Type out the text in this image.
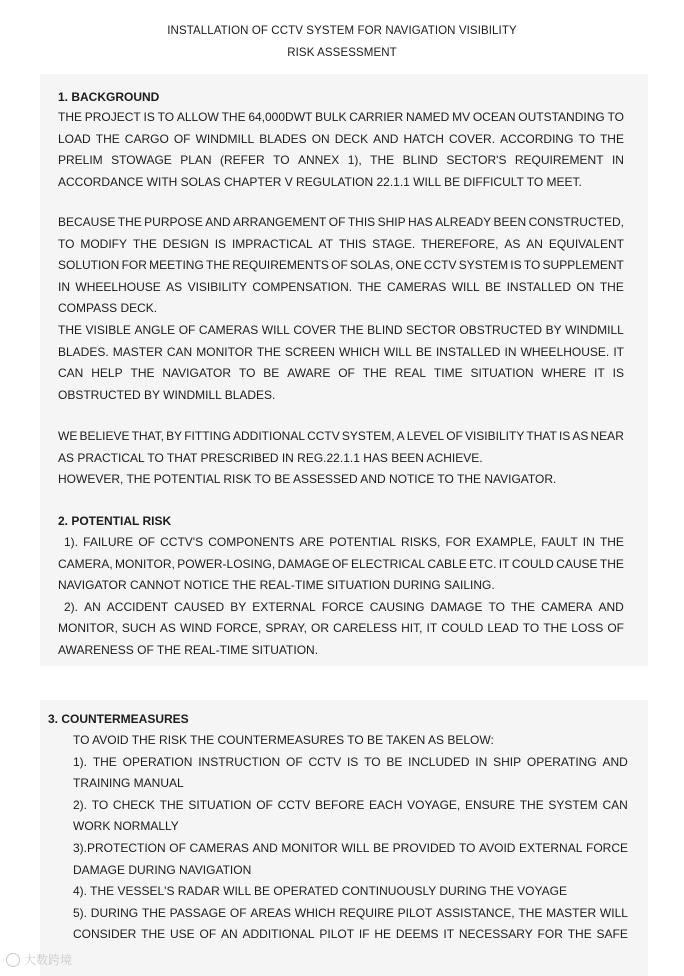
INSTALLATION OF CCTV SYSTEM FOR NAVIGATION VISIBILITY
RISK ASSESSMENT
1. BACKGROUND
THE PROJECT IS TO ALLOW THE 64,000DWT BULK CARRIER NAMED MV OCEAN OUTSTANDING TO
LOAD THE CARGO OF WINDMILL BLADES ON DECK AND HATCH COVER. ACCORDING TO THE
PRELIM STOWAGE PLAN (REFER TO ANNEX 1), THE BLIND SECTOR'S REQUIREMENT IN
ACCORDANCE WITH SOLAS CHAPTER V REGULATION 22.1.1 WILL BE DIFFICULT TO MEET.
BECAUSE THE PURPOSE AND ARRANGEMENT OF THIS SHIP HAS ALREADY BEEN CONSTRUCTED,
TO MODIFY THE DESIGN IS IMPRACTICAL AT THIS STAGE. THEREFORE, AS AN EQUIVALENT
SOLUTION FOR MEETING THE REQUIREMENTS OF SOLAS, ONE CCTV SYSTEM IS TO SUPPLEMENT
IN WHEELHOUSE AS VISIBILITY COMPENSATION. THE CAMERAS WILL BE INSTALLED ON THE
COMPASS DECK.
THE VISIBLE ANGLE OF CAMERAS WILL COVER THE BLIND SECTOR OBSTRUCTED BY WINDMILL
BLADES. MASTER CAN MONITOR THE SCREEN WHICH WILL BE INSTALLED IN WHEELHOUSE. IT
CAN HELP THE NAVIGATOR TO BE AWARE OF THE REAL TIME SITUATION WHERE IT IS
OBSTRUCTED BY WINDMILL BLADES.
WE BELIEVE THAT, BY FITTING ADDITIONAL CCTV SYSTEM, A LEVEL OF VISIBILITY THAT IS AS NEAR
AS PRACTICAL TO THAT PRESCRIBED IN REG.22.1.1 HAS BEEN ACHIEVE.
HOWEVER, THE POTENTIAL RISK TO BE ASSESSED AND NOTICE TO THE NAVIGATOR.
2. POTENTIAL RISK
1). FAILURE OF CCTV'S COMPONENTS ARE POTENTIAL RISKS, FOR EXAMPLE, FAULT IN THE
CAMERA, MONITOR, POWER-LOSING, DAMAGE OF ELECTRICAL CABLE ETC. IT COULD CAUSE THE
NAVIGATOR CANNOT NOTICE THE REAL-TIME SITUATION DURING SAILING.
2). AN ACCIDENT CAUSED BY EXTERNAL FORCE CAUSING DAMAGE TO THE CAMERA AND
MONITOR, SUCH AS WIND FORCE, SPRAY, OR CARELESS HIT, IT COULD LEAD TO THE LOSS OF
AWARENESS OF THE REAL-TIME SITUATION.
3. COUNTERMEASURES
TO AVOID THE RISK THE COUNTERMEASURES TO BE TAKEN AS BELOW:
1). THE OPERATION INSTRUCTION OF CCTV IS TO BE INCLUDED IN SHIP OPERATING AND
TRAINING MANUAL
2). TO CHECK THE SITUATION OF CCTV BEFORE EACH VOYAGE, ENSURE THE SYSTEM CAN
WORK NORMALLY
3).PROTECTION OF CAMERAS AND MONITOR WILL BE PROVIDED TO AVOID EXTERNAL FORCE
DAMAGE DURING NAVIGATION
4). THE VESSEL'S RADAR WILL BE OPERATED CONTINUOUSLY DURING THE VOYAGE
5). DURING THE PASSAGE OF AREAS WHICH REQUIRE PILOT ASSISTANCE, THE MASTER WILL
CONSIDER THE USE OF AN ADDITIONAL PILOT IF HE DEEMS IT NECESSARY FOR THE SAFE
大数跨境
